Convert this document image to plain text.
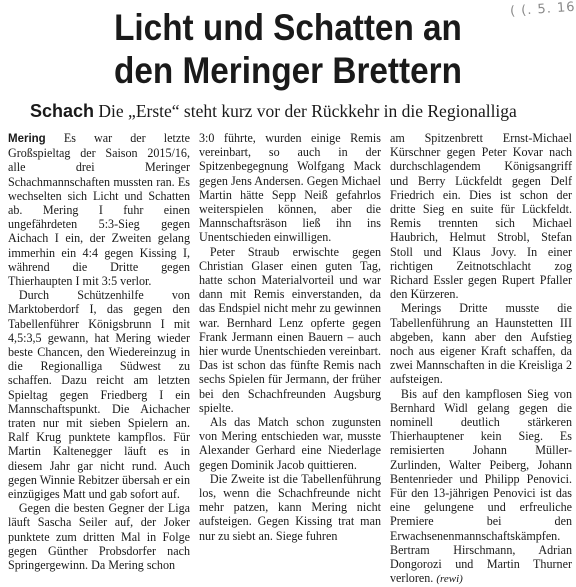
( (. 5. 16
Licht und Schatten an
den Meringer Brettern
Schach Die „Erste“ steht kurz vor der Rückkehr in die Regionalliga

Mering Es war der letzte Großspieltag der Saison 2015/16, alle drei Meringer Schachmannschaften mussten ran. Es wechselten sich Licht und Schatten ab. Mering I fuhr einen ungefährdeten 5:3-Sieg gegen Aichach I ein, der Zweiten gelang immerhin ein 4:4 gegen Kissing I, während die Dritte gegen Thierhaupten I mit 3:5 verlor.

Durch Schützenhilfe von Marktoberdorf I, das gegen den Tabellenführer Königsbrunn I mit 4,5:3,5 gewann, hat Mering wieder beste Chancen, den Wiedereinzug in die Regionalliga Südwest zu schaffen. Dazu reicht am letzten Spieltag gegen Friedberg I ein Mannschaftspunkt. Die Aichacher traten nur mit sieben Spielern an. Ralf Krug punktete kampflos. Für Martin Kaltenegger läuft es in diesem Jahr gar nicht rund. Auch gegen Winnie Rebitzer übersah er ein einzügiges Matt und gab sofort auf.

Gegen die besten Gegner der Liga läuft Sascha Seiler auf, der Joker punktete zum dritten Mal in Folge gegen Günther Probsdorfer nach Springergewinn. Da Mering schon

3:0 führte, wurden einige Remis vereinbart, so auch in der Spitzenbegegnung Wolfgang Mack gegen Jens Andersen. Gegen Michael Martin hätte Sepp Neiß gefahrlos weiterspielen können, aber die Mannschaftsräson ließ ihn ins Unentschieden einwilligen.

Peter Straub erwischte gegen Christian Glaser einen guten Tag, hatte schon Materialvorteil und war dann mit Remis einverstanden, da das Endspiel nicht mehr zu gewinnen war. Bernhard Lenz opferte gegen Frank Jermann einen Bauern – auch hier wurde Unentschieden vereinbart. Das ist schon das fünfte Remis nach sechs Spielen für Jermann, der früher bei den Schachfreunden Augsburg spielte.

Als das Match schon zugunsten von Mering entschieden war, musste Alexander Gerhard eine Niederlage gegen Dominik Jacob quittieren.

Die Zweite ist die Tabellenführung los, wenn die Schachfreunde nicht mehr patzen, kann Mering nicht aufsteigen. Gegen Kissing trat man nur zu siebt an. Siege fuhren

am Spitzenbrett Ernst-Michael Kürschner gegen Peter Kovar nach durchschlagendem Königsangriff und Berry Lückfeldt gegen Delf Friedrich ein. Dies ist schon der dritte Sieg en suite für Lückfeldt. Remis trennten sich Michael Haubrich, Helmut Strobl, Stefan Stoll und Klaus Jovy. In einer richtigen Zeitnotschlacht zog Richard Essler gegen Rupert Pfaller den Kürzeren.

Merings Dritte musste die Tabellenführung an Haunstetten III abgeben, kann aber den Aufstieg noch aus eigener Kraft schaffen, da zwei Mannschaften in die Kreisliga 2 aufsteigen.

Bis auf den kampflosen Sieg von Bernhard Widl gelang gegen die nominell deutlich stärkeren Thierhauptener kein Sieg. Es remisierten Johann Müller-Zurlinden, Walter Peiberg, Johann Bentenrieder und Philipp Penovici. Für den 13-jährigen Penovici ist das eine gelungene und erfreuliche Premiere bei den Erwachsenenmannschaftskämpfen. Bertram Hirschmann, Adrian Dongorozi und Martin Thurner verloren. (rewi)
